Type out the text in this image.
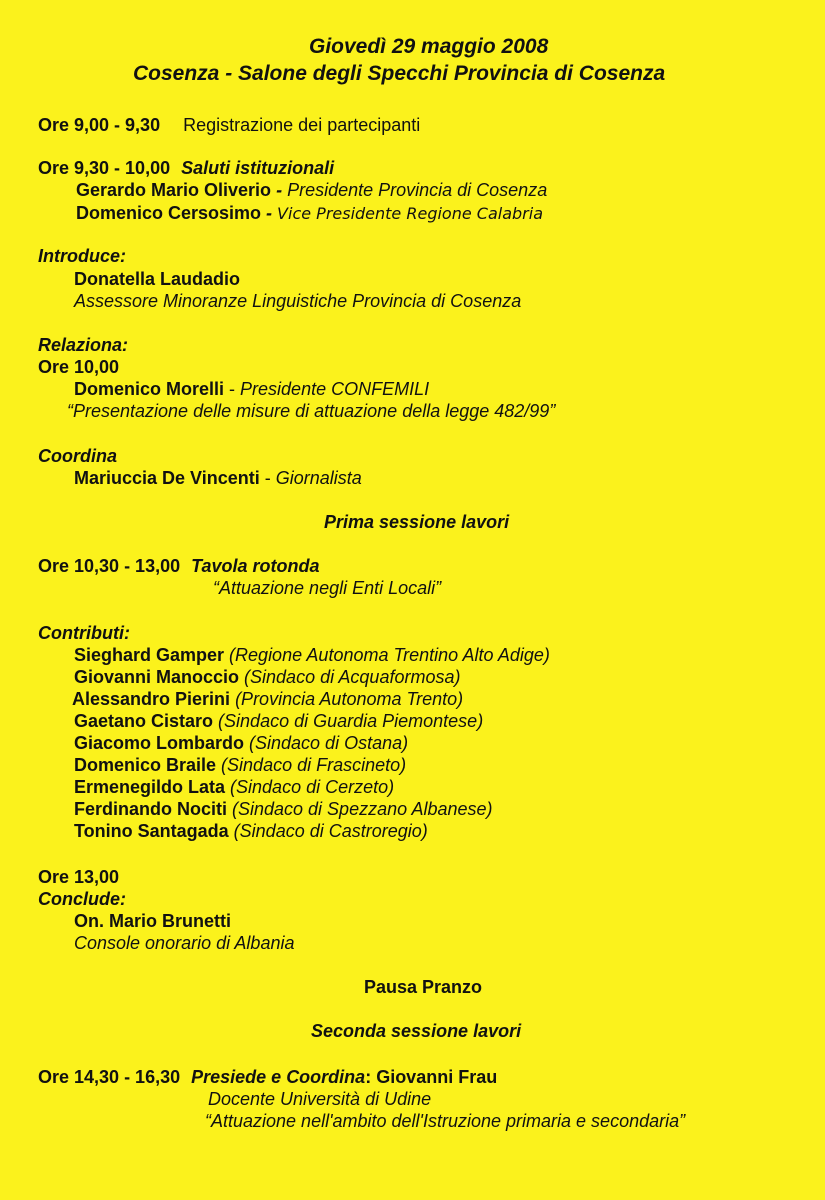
Giovedì 29 maggio 2008
Cosenza - Salone degli Specchi Provincia di Cosenza
Ore 9,00 - 9,30 Registrazione dei partecipanti
Ore 9,30 - 10,00 Saluti istituzionali
Gerardo Mario Oliverio - Presidente Provincia di Cosenza
Domenico Cersosimo - Vice Presidente Regione Calabria
Introduce:
Donatella Laudadio
Assessore Minoranze Linguistiche Provincia di Cosenza
Relaziona:
Ore 10,00
Domenico Morelli - Presidente CONFEMILI
“Presentazione delle misure di attuazione della legge 482/99”
Coordina
Mariuccia De Vincenti - Giornalista
Prima sessione lavori
Ore 10,30 - 13,00 Tavola rotonda
“Attuazione negli Enti Locali”
Contributi:
Sieghard Gamper (Regione Autonoma Trentino Alto Adige)
Giovanni Manoccio (Sindaco di Acquaformosa)
Alessandro Pierini (Provincia Autonoma Trento)
Gaetano Cistaro (Sindaco di Guardia Piemontese)
Giacomo Lombardo (Sindaco di Ostana)
Domenico Braile (Sindaco di Frascineto)
Ermenegildo Lata (Sindaco di Cerzeto)
Ferdinando Nociti (Sindaco di Spezzano Albanese)
Tonino Santagada (Sindaco di Castroregio)
Ore 13,00
Conclude:
On. Mario Brunetti
Console onorario di Albania
Pausa Pranzo
Seconda sessione lavori
Ore 14,30 - 16,30 Presiede e Coordina: Giovanni Frau
Docente Università di Udine
“Attuazione nell'ambito dell'Istruzione primaria e secondaria”
